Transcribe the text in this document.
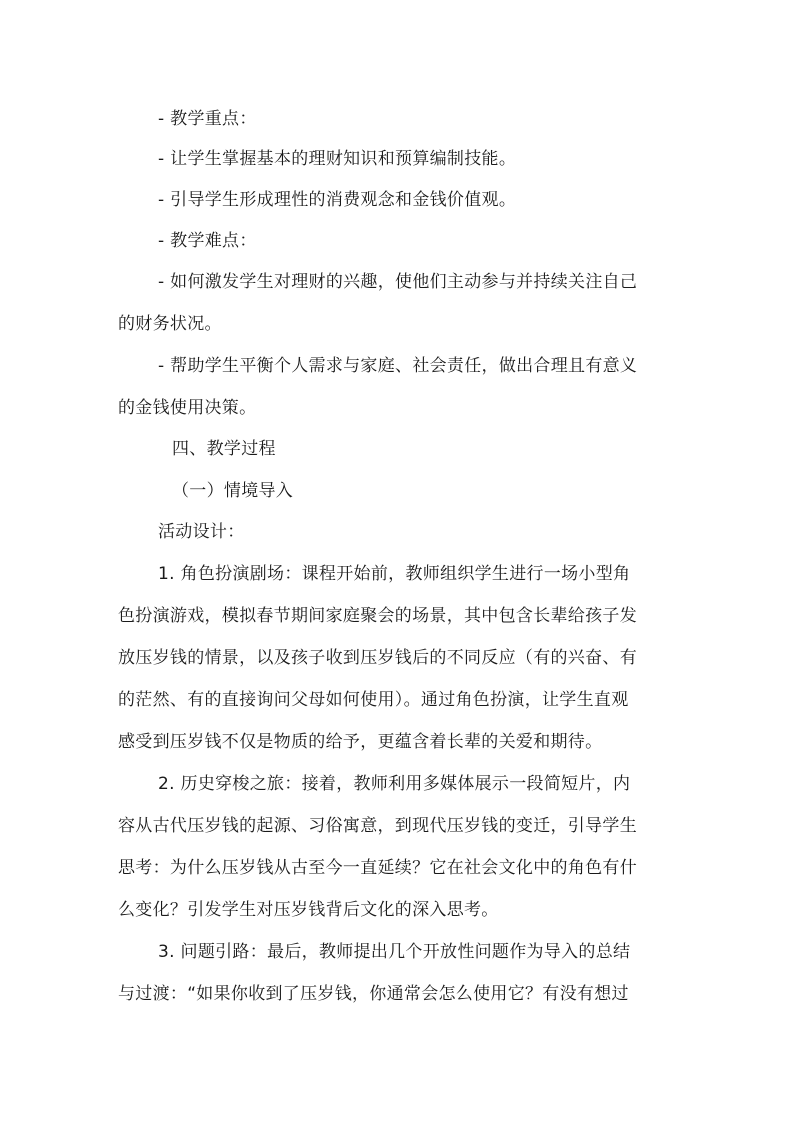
- 教学重点：
- 让学生掌握基本的理财知识和预算编制技能。
- 引导学生形成理性的消费观念和金钱价值观。
- 教学难点：
- 如何激发学生对理财的兴趣，使他们主动参与并持续关注自己
的财务状况。
- 帮助学生平衡个人需求与家庭、社会责任，做出合理且有意义
的金钱使用决策。
四、教学过程
（一）情境导入
活动设计：
1. 角色扮演剧场：课程开始前，教师组织学生进行一场小型角
色扮演游戏，模拟春节期间家庭聚会的场景，其中包含长辈给孩子发
放压岁钱的情景，以及孩子收到压岁钱后的不同反应（有的兴奋、有
的茫然、有的直接询问父母如何使用）。通过角色扮演，让学生直观
感受到压岁钱不仅是物质的给予，更蕴含着长辈的关爱和期待。
2. 历史穿梭之旅：接着，教师利用多媒体展示一段简短片，内
容从古代压岁钱的起源、习俗寓意，到现代压岁钱的变迁，引导学生
思考：为什么压岁钱从古至今一直延续？它在社会文化中的角色有什
么变化？引发学生对压岁钱背后文化的深入思考。
3. 问题引路：最后，教师提出几个开放性问题作为导入的总结
与过渡：“如果你收到了压岁钱，你通常会怎么使用它？有没有想过
